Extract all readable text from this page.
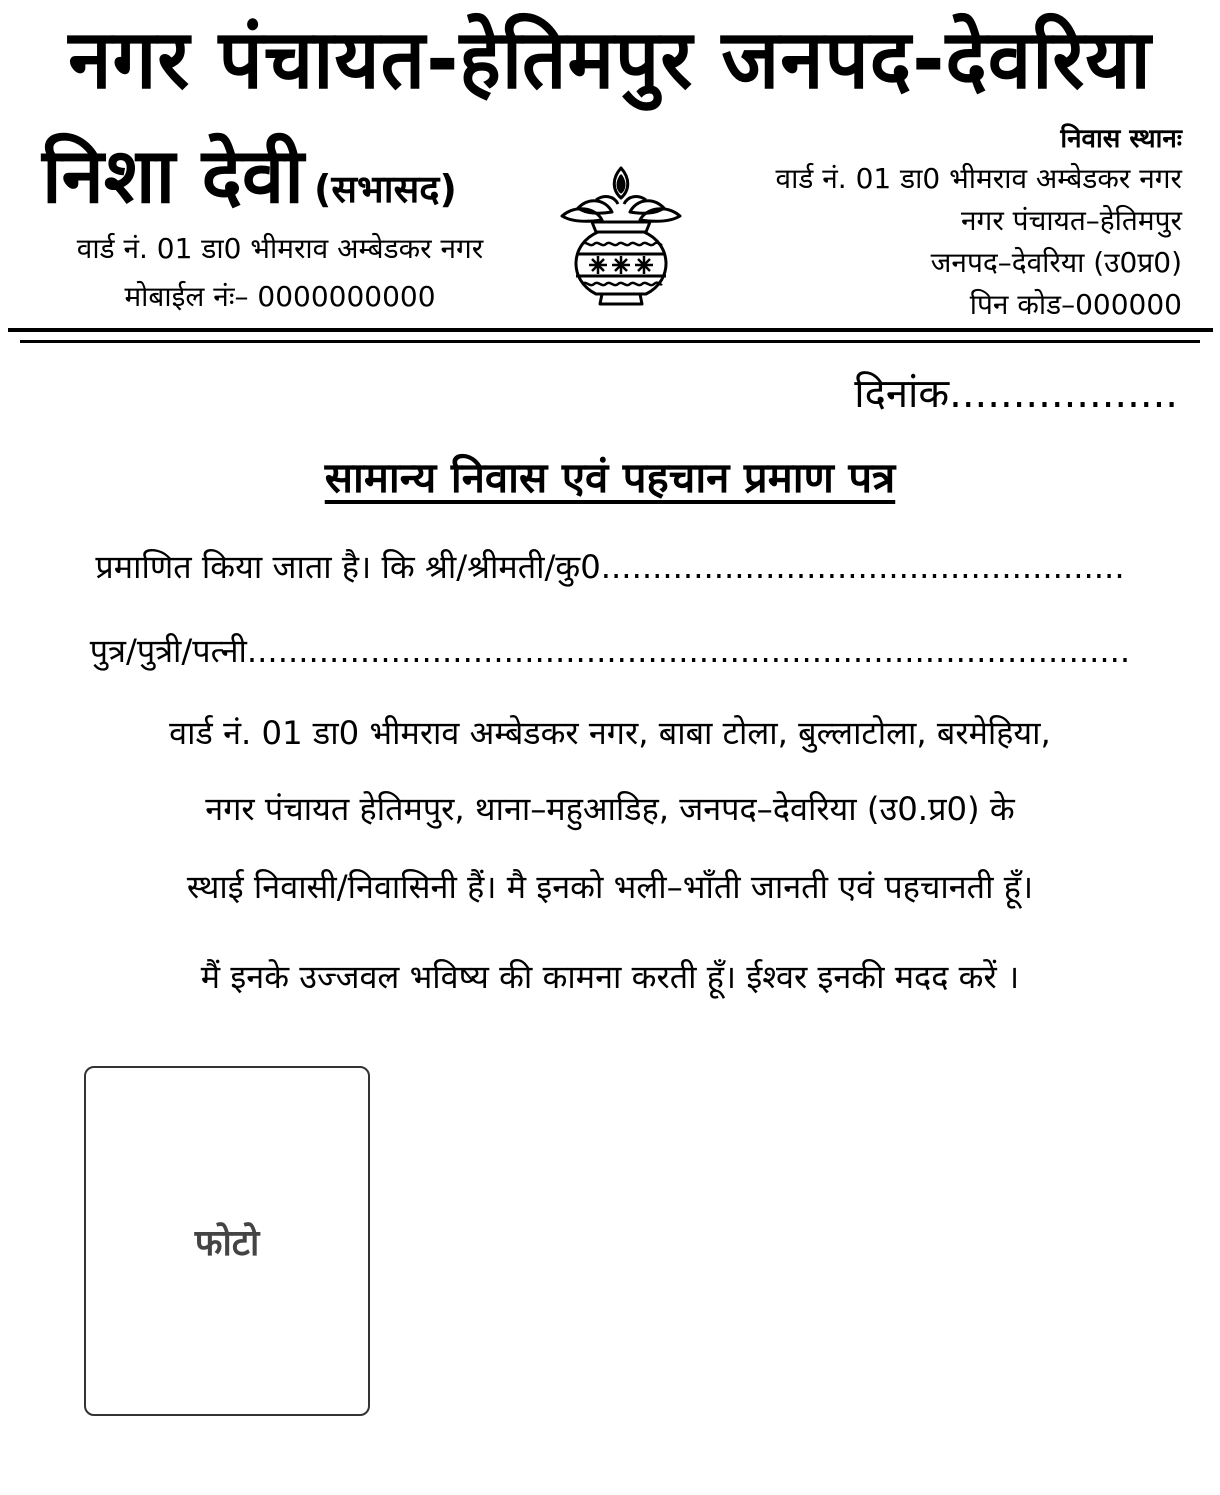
नगर पंचायत-हेतिमपुर जनपद-देवरिया
निशा देवी (सभासद)
वार्ड नं. 01 डा0 भीमराव अम्बेडकर नगर
मोबाईल नंः– 0000000000
निवास स्थानः
वार्ड नं. 01 डा0 भीमराव अम्बेडकर नगर
नगर पंचायत–हेतिमपुर
जनपद–देवरिया (उ0प्र0)
पिन कोड–000000
दिनांक..................
सामान्य निवास एवं पहचान प्रमाण पत्र
प्रमाणित किया जाता है। कि श्री/श्रीमती/कु0...................................................
पुत्र/पुत्री/पत्नी......................................................................................
वार्ड नं. 01 डा0 भीमराव अम्बेडकर नगर, बाबा टोला, बुल्लाटोला, बरमेहिया,
नगर पंचायत हेतिमपुर, थाना–महुआडिह, जनपद–देवरिया (उ0.प्र0) के
स्थाई निवासी/निवासिनी हैं। मै इनको भली–भाँती जानती एवं पहचानती हूँ।
मैं इनके उज्जवल भविष्य की कामना करती हूँ। ईश्वर इनकी मदद करें ।
फोटो
